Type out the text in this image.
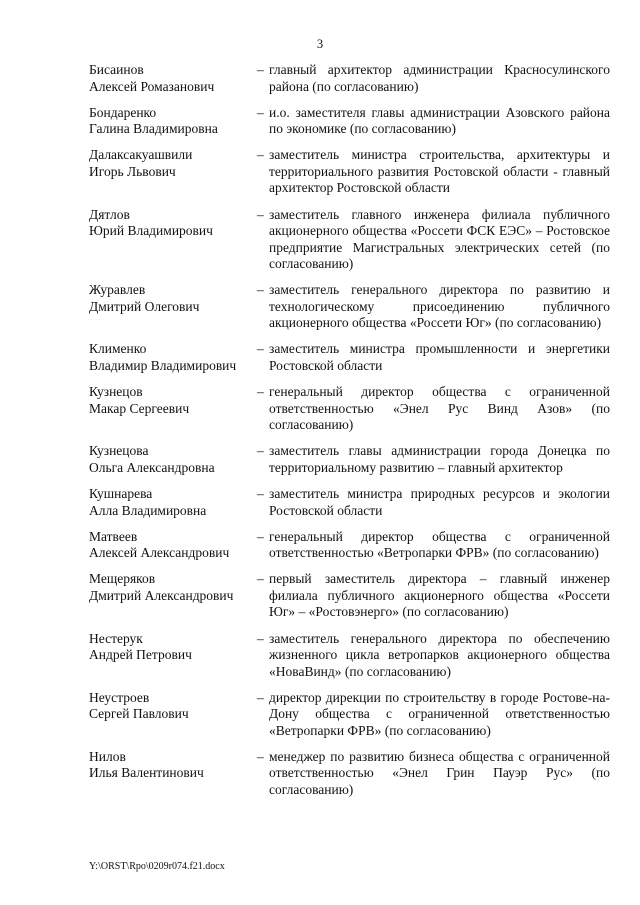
3
Бисаинов
Алексей Ромазанович
– главный архитектор администрации Красносулинского района (по согласованию)
Бондаренко
Галина Владимировна
– и.о. заместителя главы администрации Азовского района по экономике (по согласованию)
Далаксакуашвили
Игорь Львович
– заместитель министра строительства, архитектуры и территориального развития Ростовской области - главный архитектор Ростовской области
Дятлов
Юрий Владимирович
– заместитель главного инженера филиала публичного акционерного общества «Россети ФСК ЕЭС» – Ростовское предприятие Магистральных электрических сетей (по согласованию)
Журавлев
Дмитрий Олегович
– заместитель генерального директора по развитию и технологическому присоединению публичного акционерного общества «Россети Юг» (по согласованию)
Клименко
Владимир Владимирович
– заместитель министра промышленности и энергетики Ростовской области
Кузнецов
Макар Сергеевич
– генеральный директор общества с ограниченной ответственностью «Энел Рус Винд Азов» (по согласованию)
Кузнецова
Ольга Александровна
– заместитель главы администрации города Донецка по территориальному развитию – главный архитектор
Кушнарева
Алла Владимировна
– заместитель министра природных ресурсов и экологии Ростовской области
Матвеев
Алексей Александрович
– генеральный директор общества с ограниченной ответственностью «Ветропарки ФРВ» (по согласованию)
Мещеряков
Дмитрий Александрович
– первый заместитель директора – главный инженер филиала публичного акционерного общества «Россети Юг» – «Ростовэнерго» (по согласованию)
Нестерук
Андрей Петрович
– заместитель генерального директора по обеспечению жизненного цикла ветропарков акционерного общества «НоваВинд» (по согласованию)
Неустроев
Сергей Павлович
– директор дирекции по строительству в городе Ростове-на-Дону общества с ограниченной ответственностью «Ветропарки ФРВ» (по согласованию)
Нилов
Илья Валентинович
– менеджер по развитию бизнеса общества с ограниченной ответственностью «Энел Грин Пауэр Рус» (по согласованию)
Y:\ORST\Rpo\0209r074.f21.docx
